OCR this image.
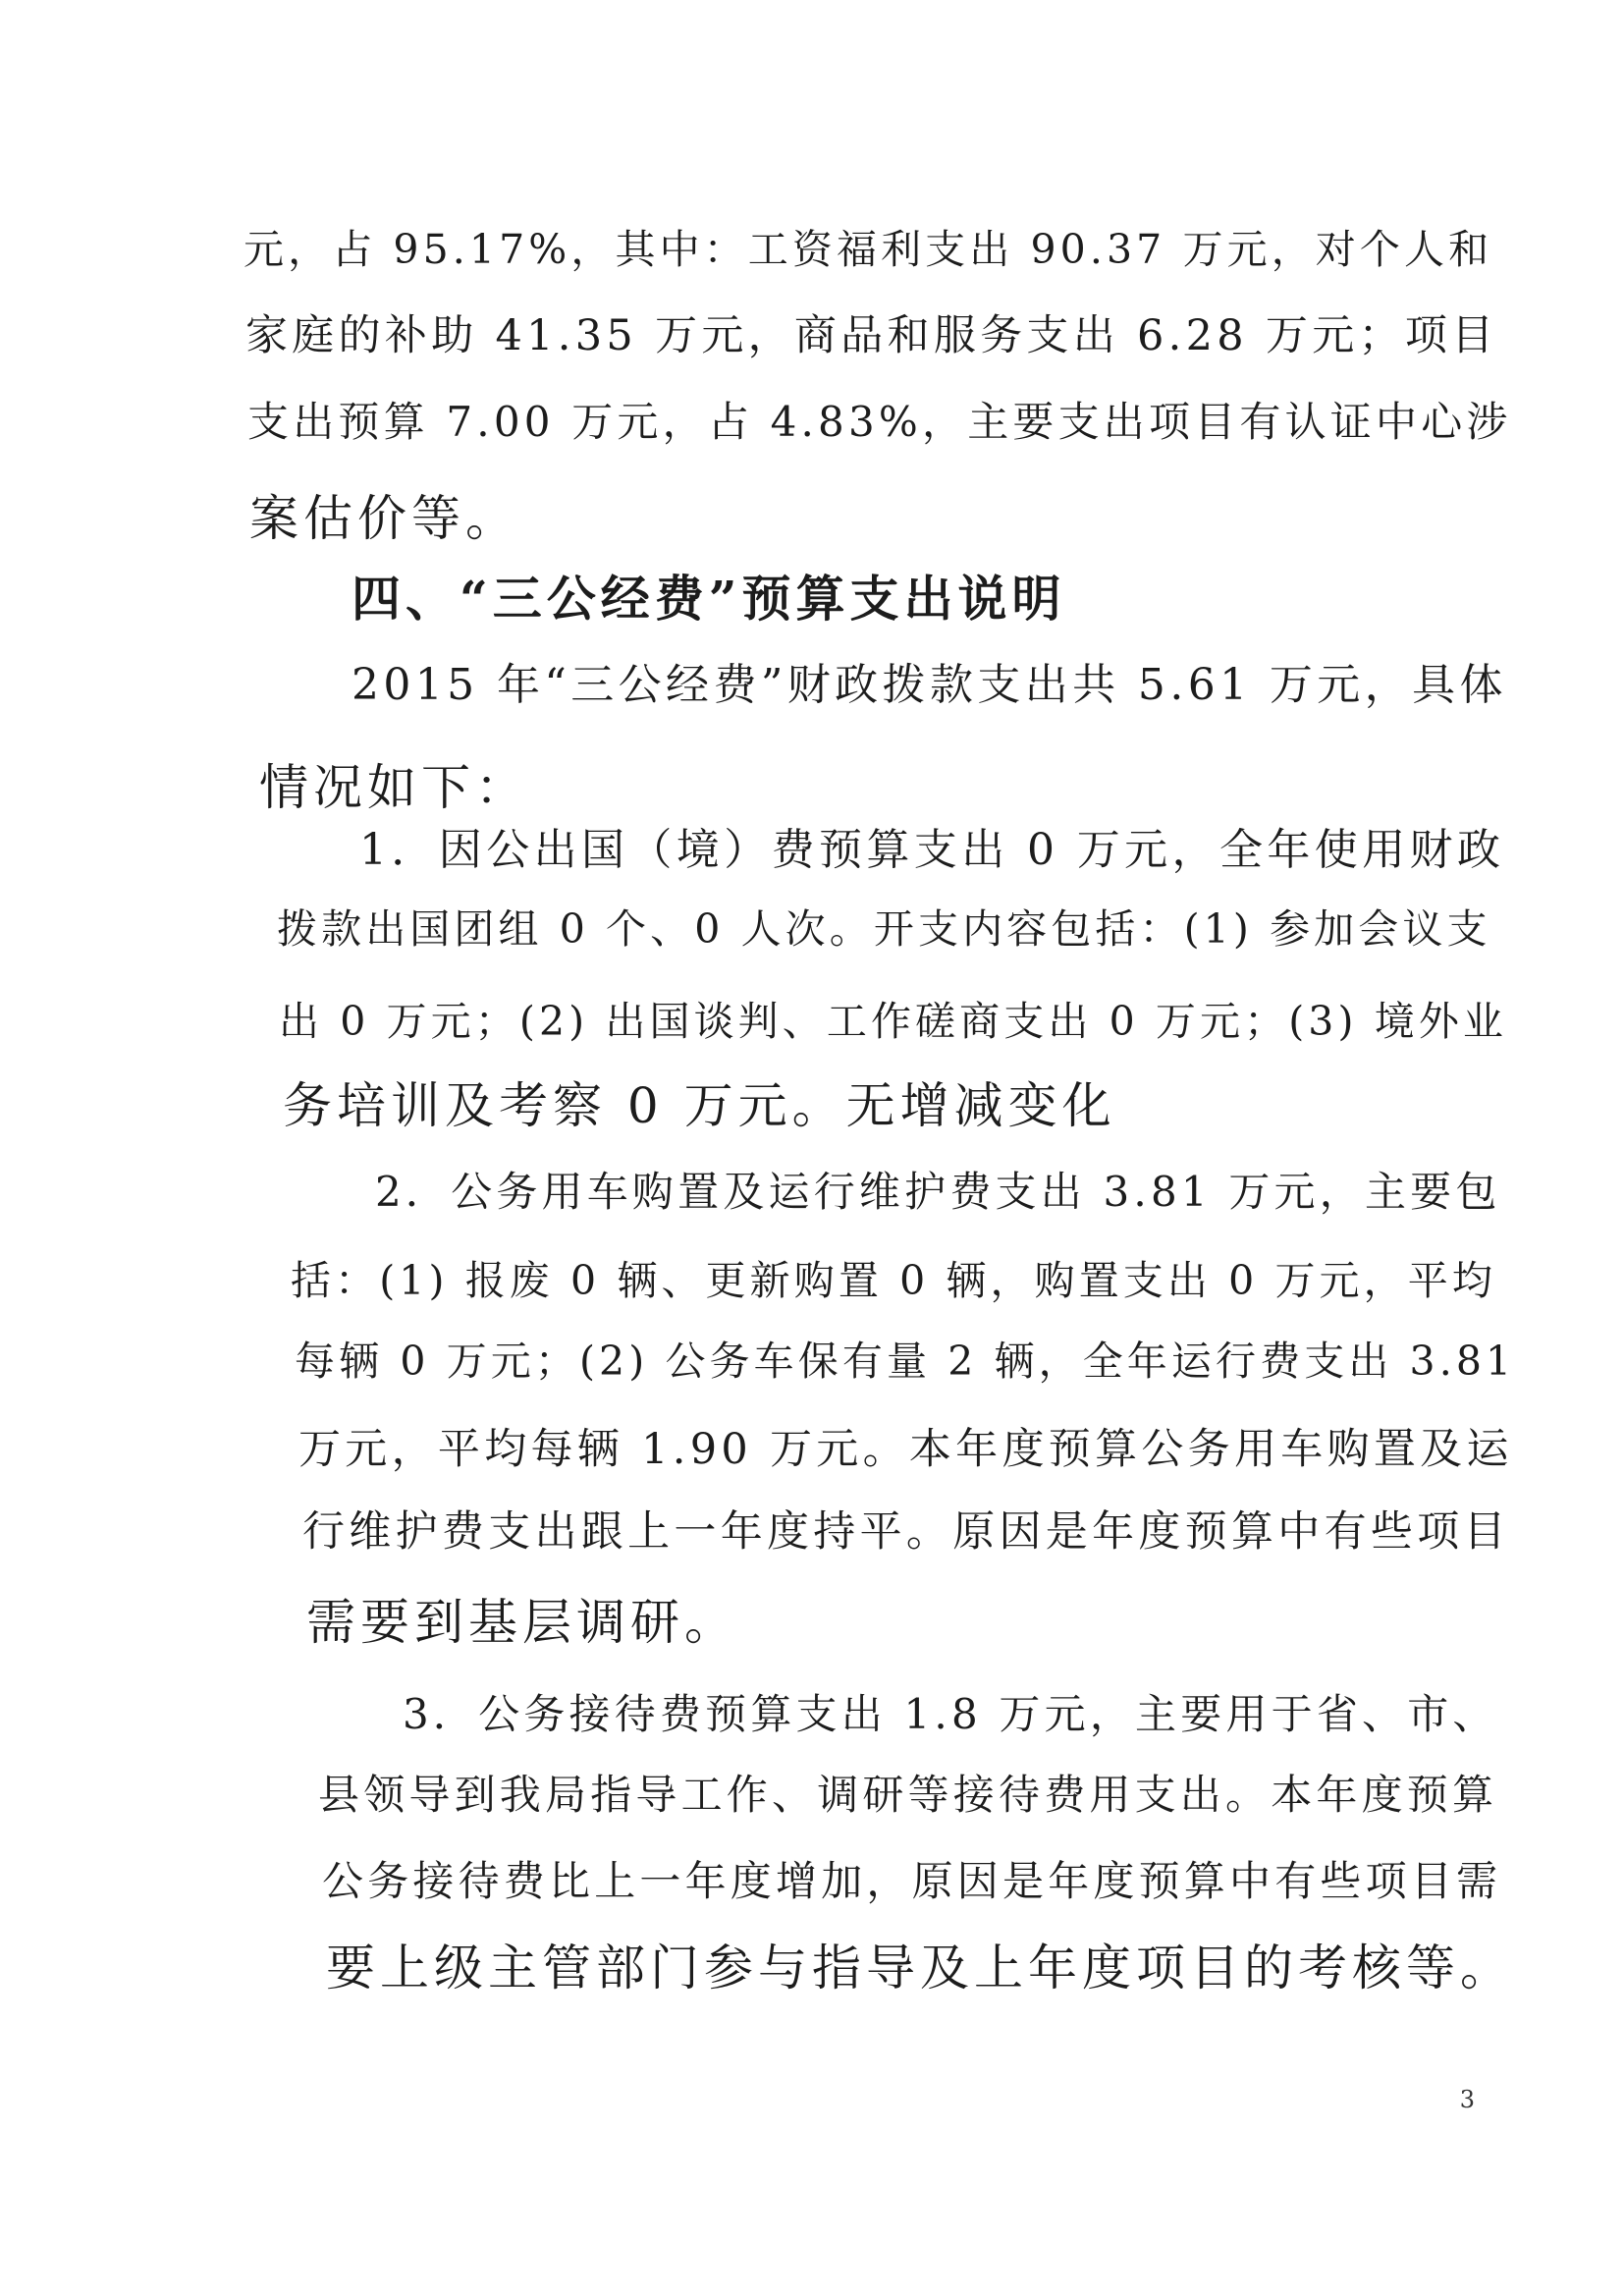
元，占 95.17%，其中：工资福利支出 90.37 万元，对个人和
家庭的补助 41.35 万元，商品和服务支出 6.28 万元；项目
支出预算 7.00 万元，占 4.83%，主要支出项目有认证中心涉
案估价等。
四、“三公经费”预算支出说明
2015 年“三公经费”财政拨款支出共 5.61 万元，具体
情况如下：
1．因公出国（境）费预算支出 0 万元，全年使用财政
拨款出国团组 0 个、0 人次。开支内容包括：(1) 参加会议支
出 0 万元；(2) 出国谈判、工作磋商支出 0 万元；(3) 境外业
务培训及考察 0 万元。无增减变化
2．公务用车购置及运行维护费支出 3.81 万元，主要包
括：(1) 报废 0 辆、更新购置 0 辆，购置支出 0 万元，平均
每辆 0 万元；(2) 公务车保有量 2 辆，全年运行费支出 3.81
万元，平均每辆 1.90 万元。本年度预算公务用车购置及运
行维护费支出跟上一年度持平。原因是年度预算中有些项目
需要到基层调研。
3．公务接待费预算支出 1.8 万元，主要用于省、市、
县领导到我局指导工作、调研等接待费用支出。本年度预算
公务接待费比上一年度增加，原因是年度预算中有些项目需
要上级主管部门参与指导及上年度项目的考核等。
3
